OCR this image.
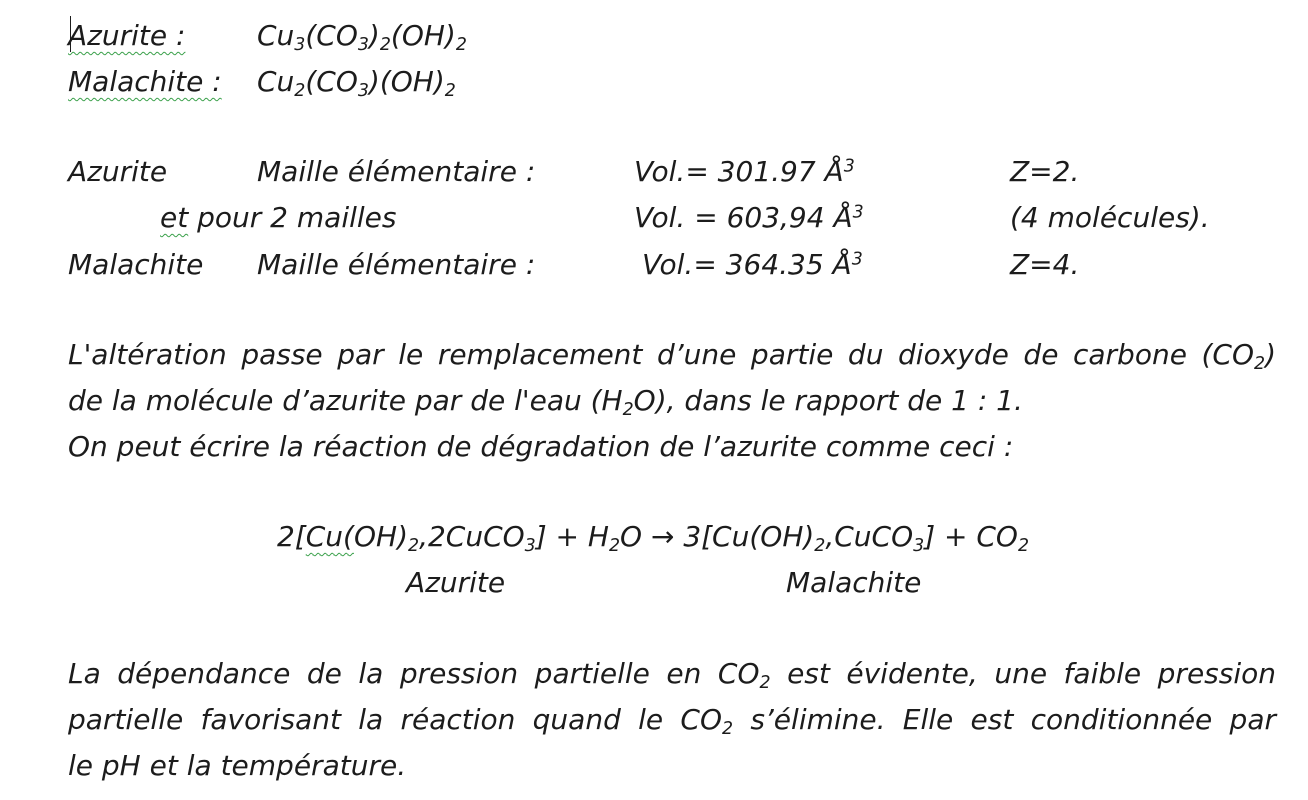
Azurite :	$Cu_3(CO_3)_2(OH)_2$
Malachite : $Cu_2(CO_3)(OH)_2$
Azurite	Maille élémentaire :	Vol.= 301.97 $Å^3$	Z=2.
et pour 2 mailles	Vol. = 603,94 $Å^3$	(4 molécules).
Malachite Maille élémentaire :	Vol.= 364.35 $Å^3$	Z=4.
L'altération passe par le remplacement d’une partie du dioxyde de carbone $(CO_2)$
de la molécule d’azurite par de l'eau $(H_2O)$, dans le rapport de 1 : 1.
On peut écrire la réaction de dégradation de l’azurite comme ceci :
$2[Cu(OH)_2,2CuCO_3] + H_2O$ → $3[Cu(OH)_2,CuCO_3] + CO_2$
Azurite	Malachite
La dépendance de la pression partielle en $CO_2$ est évidente, une faible pression
partielle favorisant la réaction quand le $CO_2$ s’élimine. Elle est conditionnée par
le pH et la température.
